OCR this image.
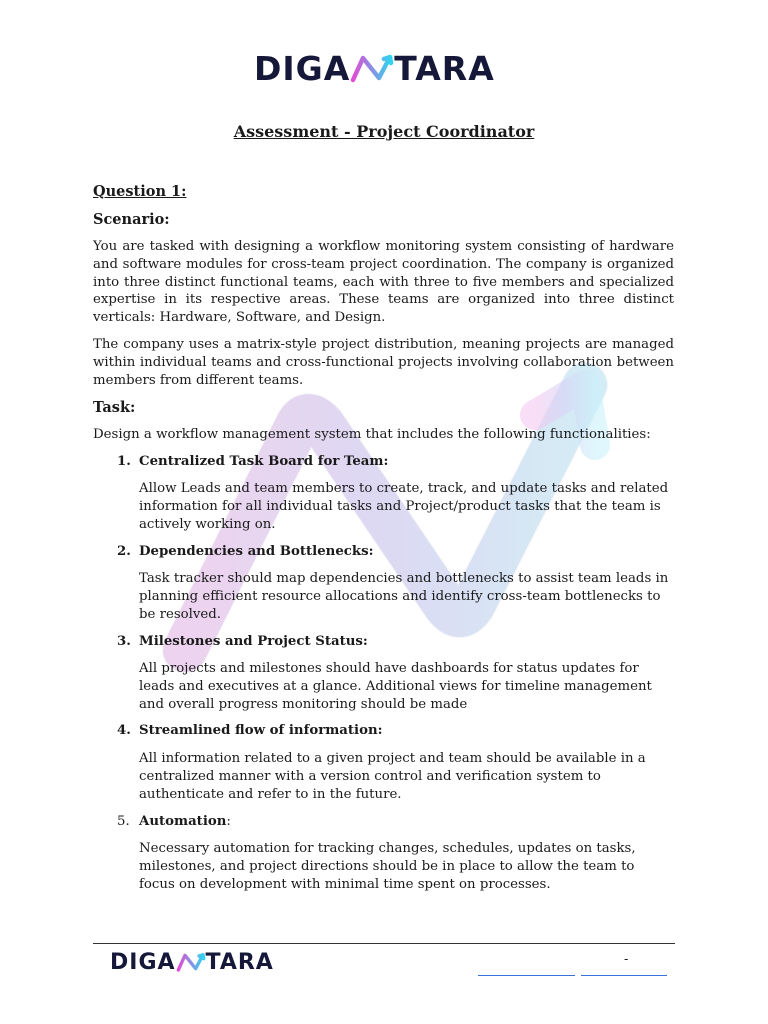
DIGA TARA
Assessment - Project Coordinator
Question 1:
Scenario:
You are tasked with designing a workflow monitoring system consisting of hardware and software modules for cross-team project coordination. The company is organized into three distinct functional teams, each with three to five members and specialized expertise in its respective areas. These teams are organized into three distinct verticals: Hardware, Software, and Design.
The company uses a matrix-style project distribution, meaning projects are managed within individual teams and cross-functional projects involving collaboration between members from different teams.
Task:
Design a workflow management system that includes the following functionalities:
1. Centralized Task Board for Team:
Allow Leads and team members to create, track, and update tasks and related information for all individual tasks and Project/product tasks that the team is actively working on.
2. Dependencies and Bottlenecks:
Task tracker should map dependencies and bottlenecks to assist team leads in planning efficient resource allocations and identify cross-team bottlenecks to be resolved.
3. Milestones and Project Status:
All projects and milestones should have dashboards for status updates for leads and executives at a glance. Additional views for timeline management and overall progress monitoring should be made
4. Streamlined flow of information:
All information related to a given project and team should be available in a centralized manner with a version control and verification system to authenticate and refer to in the future.
5. Automation:
Necessary automation for tracking changes, schedules, updates on tasks, milestones, and project directions should be in place to allow the team to focus on development with minimal time spent on processes.
DIGA TARA	-
